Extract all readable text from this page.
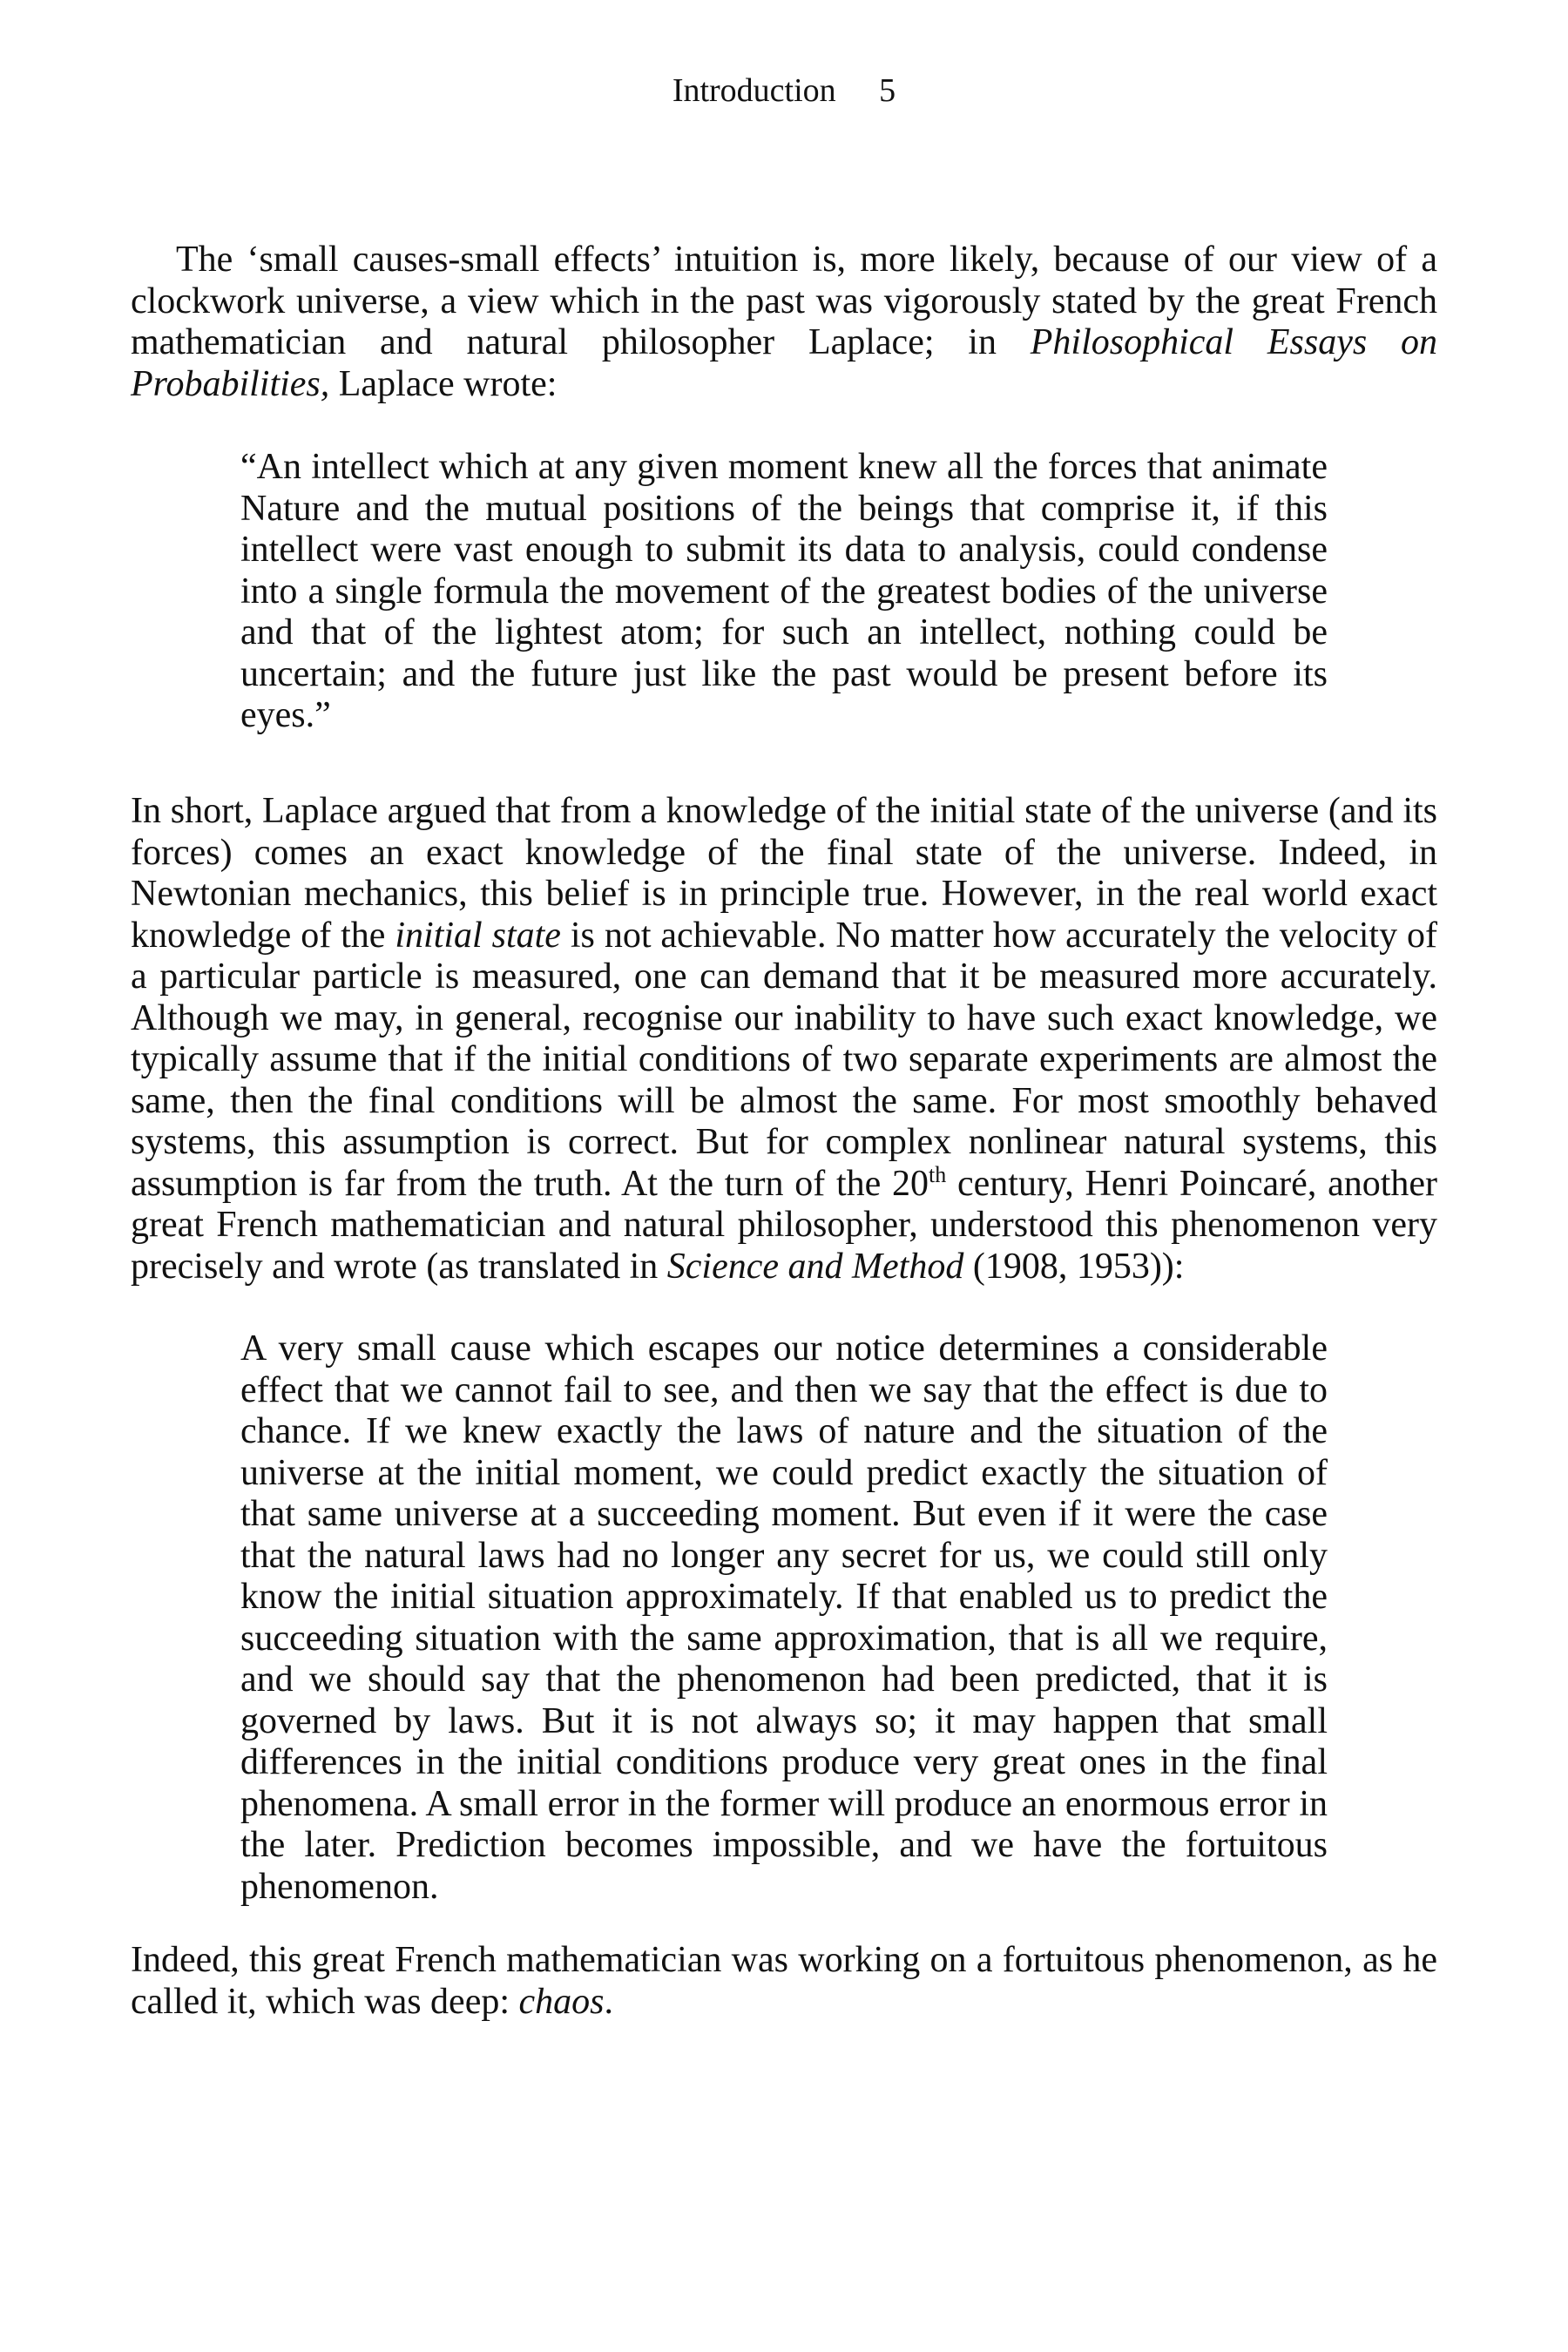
Introduction 5

The ‘small causes-small effects’ intuition is, more likely, because of our view of a clockwork universe, a view which in the past was vigorously stated by the great French mathematician and natural philosopher Laplace; in Philosophical Essays on Probabilities, Laplace wrote:

“An intellect which at any given moment knew all the forces that animate Nature and the mutual positions of the beings that comprise it, if this intellect were vast enough to submit its data to analysis, could condense into a single formula the movement of the greatest bodies of the universe and that of the lightest atom; for such an intellect, nothing could be uncertain; and the future just like the past would be present before its eyes.”

In short, Laplace argued that from a knowledge of the initial state of the universe (and its forces) comes an exact knowledge of the final state of the universe. Indeed, in Newtonian mechanics, this belief is in principle true. However, in the real world exact knowledge of the initial state is not achievable. No matter how accurately the velocity of a particular particle is measured, one can demand that it be measured more accurately. Although we may, in general, recognise our inability to have such exact knowledge, we typically assume that if the initial conditions of two separate experiments are almost the same, then the final conditions will be almost the same. For most smoothly behaved systems, this assumption is correct. But for complex nonlinear natural systems, this assumption is far from the truth. At the turn of the 20th century, Henri Poincaré, another great French mathematician and natural philosopher, understood this phenomenon very precisely and wrote (as translated in Science and Method (1908, 1953)):

A very small cause which escapes our notice determines a considerable effect that we cannot fail to see, and then we say that the effect is due to chance. If we knew exactly the laws of nature and the situation of the universe at the initial moment, we could predict exactly the situation of that same universe at a succeeding moment. But even if it were the case that the natural laws had no longer any secret for us, we could still only know the initial situation approximately. If that enabled us to predict the succeeding situation with the same approximation, that is all we require, and we should say that the phenomenon had been predicted, that it is governed by laws. But it is not always so; it may happen that small differences in the initial conditions produce very great ones in the final phenomena. A small error in the former will produce an enormous error in the later. Prediction becomes impossible, and we have the fortuitous phenomenon.

Indeed, this great French mathematician was working on a fortuitous phenomenon, as he called it, which was deep: chaos.
